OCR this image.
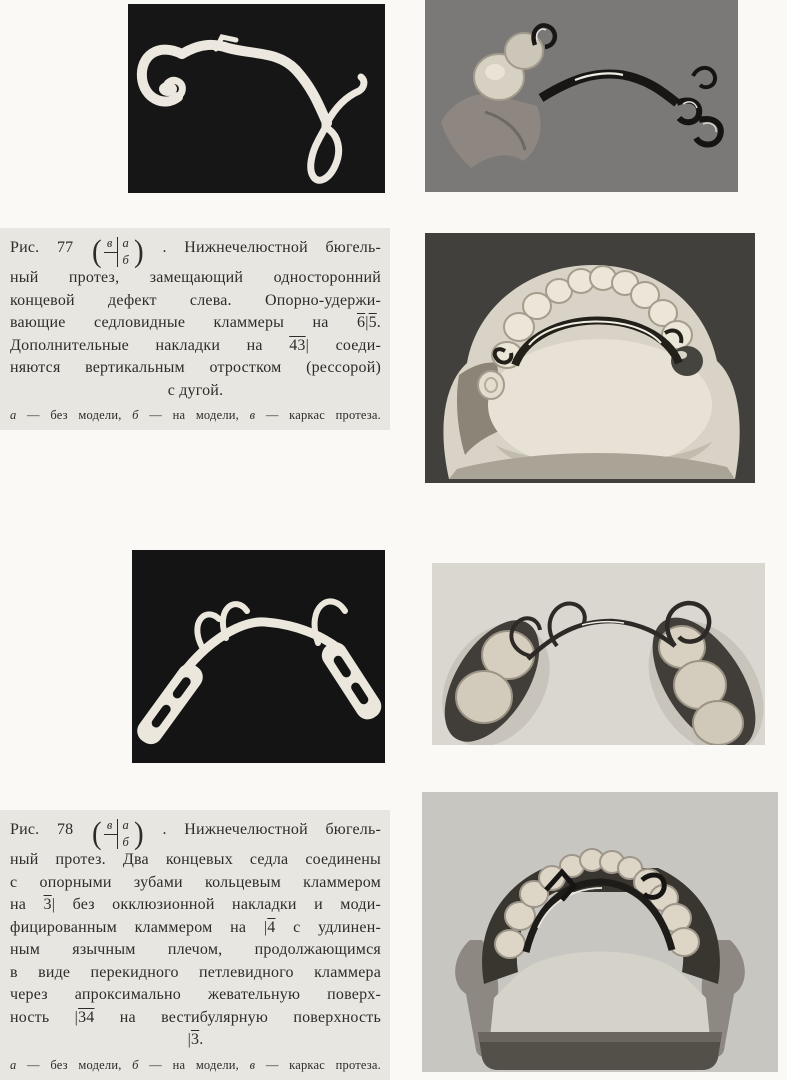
Рис. 77 ( в а
б ) . Нижнечелюстной бюгель-
ный протез, замещающий односторонний
концевой дефект слева. Опорно-удержи-
вающие седловидные кламмеры на 6|5.
Дополнительные накладки на 43| соеди-
няются вертикальным отростком (рессорой)
с дугой.
а — без модели, б — на модели, в — каркас протеза.
Рис. 78 ( в а
б ) . Нижнечелюстной бюгель-
ный протез. Два концевых седла соединены
с опорными зубами кольцевым кламмером
на 3| без окклюзионной накладки и моди-
фицированным кламмером на |4 с удлинен-
ным язычным плечом, продолжающимся
в виде перекидного петлевидного кламмера
через апроксимально жевательную поверх-
ность |34 на вестибулярную поверхность
|3.
а — без модели, б — на модели, в — каркас протеза.
